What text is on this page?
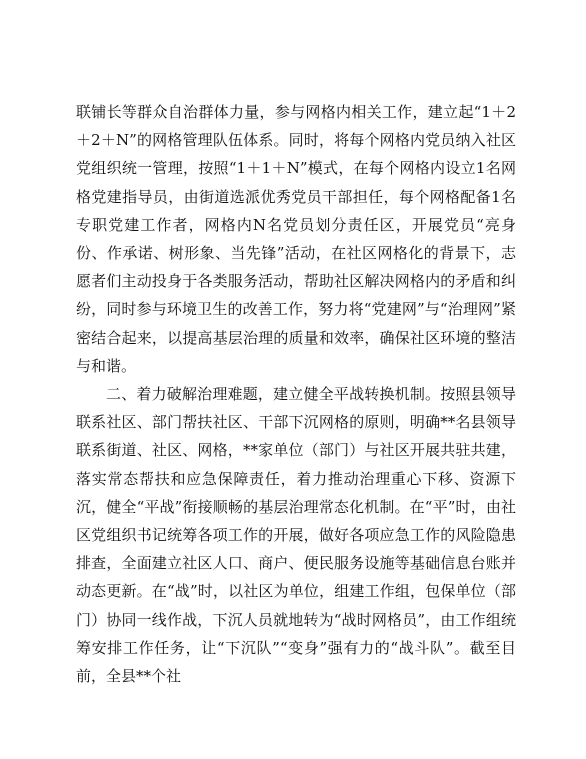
联铺长等群众自治群体力量，参与网格内相关工作，建立起“1＋2＋2＋N”的网格管理队伍体系。同时，将每个网格内党员纳入社区党组织统一管理，按照“1＋1＋N”模式，在每个网格内设立1名网格党建指导员，由街道选派优秀党员干部担任，每个网格配备1名专职党建工作者，网格内N名党员划分责任区，开展党员“亮身份、作承诺、树形象、当先锋”活动，在社区网格化的背景下，志愿者们主动投身于各类服务活动，帮助社区解决网格内的矛盾和纠纷，同时参与环境卫生的改善工作，努力将“党建网”与“治理网”紧密结合起来，以提高基层治理的质量和效率，确保社区环境的整洁与和谐。

二、着力破解治理难题，建立健全平战转换机制。按照县领导联系社区、部门帮扶社区、干部下沉网格的原则，明确**名县领导联系街道、社区、网格，**家单位（部门）与社区开展共驻共建，落实常态帮扶和应急保障责任，着力推动治理重心下移、资源下沉，健全“平战”衔接顺畅的基层治理常态化机制。在“平”时，由社区党组织书记统筹各项工作的开展，做好各项应急工作的风险隐患排查，全面建立社区人口、商户、便民服务设施等基础信息台账并动态更新。在“战”时，以社区为单位，组建工作组，包保单位（部门）协同一线作战，下沉人员就地转为“战时网格员”，由工作组统筹安排工作任务，让“下沉队”“变身”强有力的“战斗队”。截至目前，全县**个社
